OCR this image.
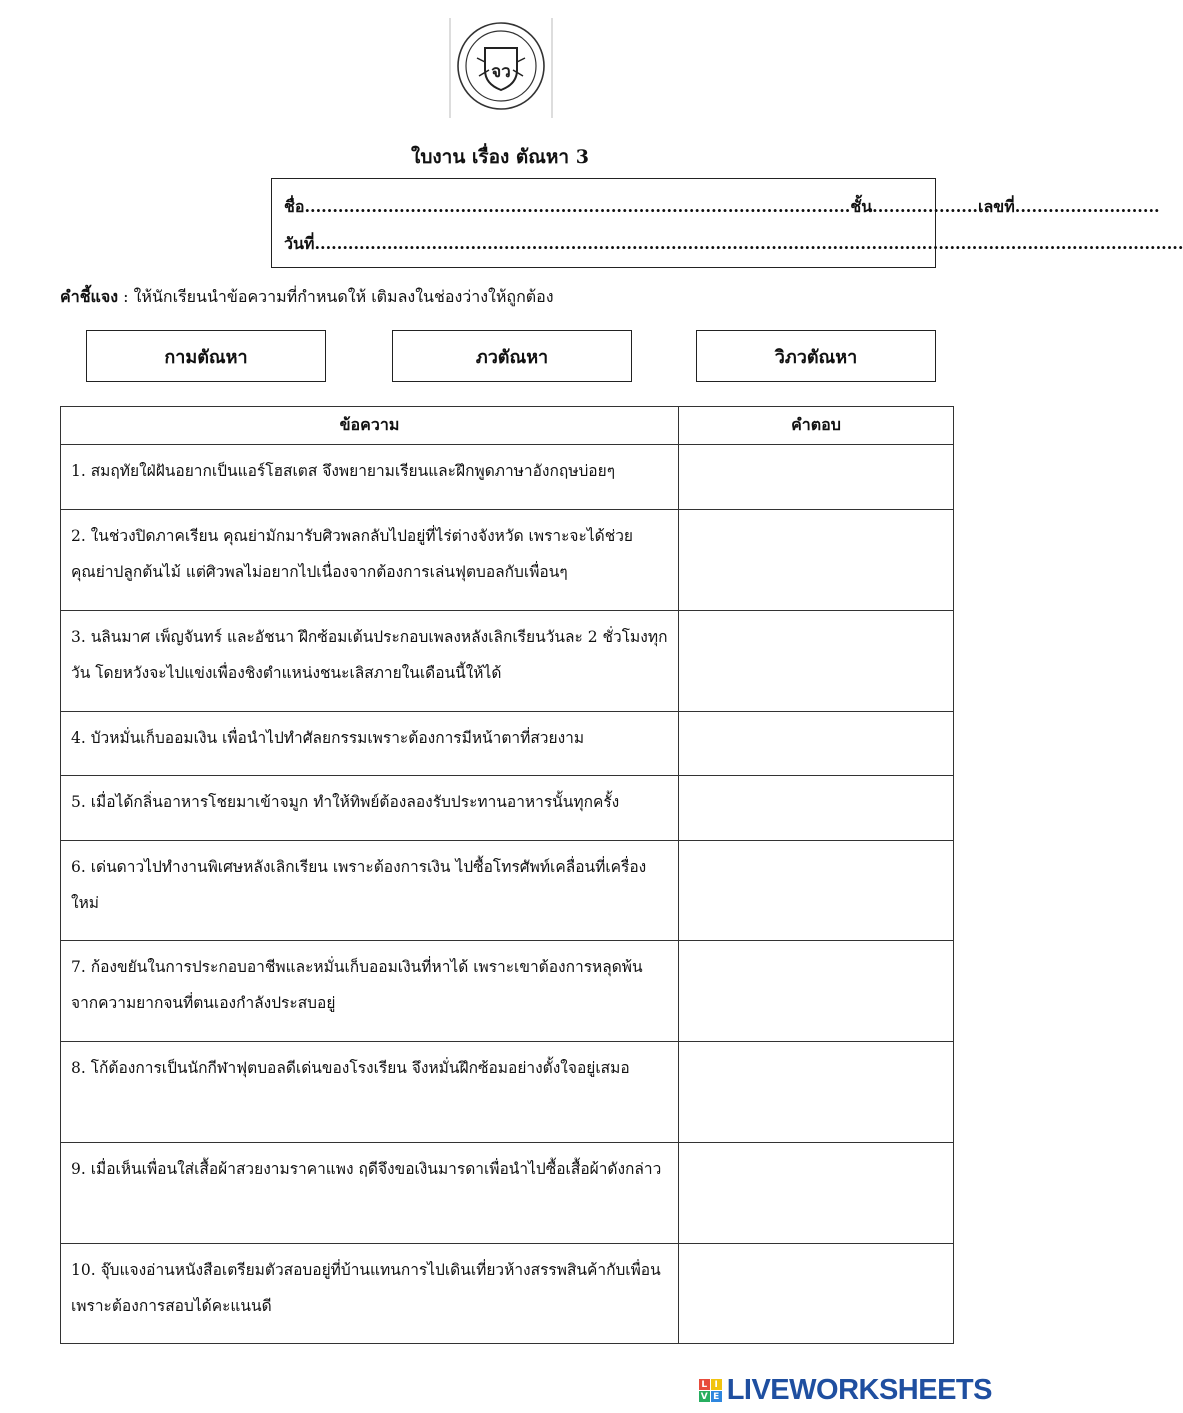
จว
ใบงาน เรื่อง ตัณหา 3
ชื่อ..................................................................................................ชั้น...................เลขที่..........................
วันที่............................................................................................................................................................
คำชี้แจง : ให้นักเรียนนำข้อความที่กำหนดให้ เติมลงในช่องว่างให้ถูกต้อง
กามตัณหา	ภวตัณหา	วิภวตัณหา
ข้อความ	คำตอบ
1. สมฤทัยใฝ่ฝันอยากเป็นแอร์โฮสเตส จึงพยายามเรียนและฝึกพูดภาษาอังกฤษบ่อยๆ	
2. ในช่วงปิดภาคเรียน คุณย่ามักมารับศิวพลกลับไปอยู่ที่ไร่ต่างจังหวัด เพราะจะได้ช่วยคุณย่าปลูกต้นไม้ แต่ศิวพลไม่อยากไปเนื่องจากต้องการเล่นฟุตบอลกับเพื่อนๆ	
3. นลินมาศ เพ็ญจันทร์ และอัชนา ฝึกซ้อมเต้นประกอบเพลงหลังเลิกเรียนวันละ 2 ชั่วโมงทุกวัน โดยหวังจะไปแข่งเพื่องชิงตำแหน่งชนะเลิสภายในเดือนนี้ให้ได้	
4. บัวหมั่นเก็บออมเงิน เพื่อนำไปทำศัลยกรรมเพราะต้องการมีหน้าตาที่สวยงาม	
5. เมื่อได้กลิ่นอาหารโชยมาเข้าจมูก ทำให้ทิพย์ต้องลองรับประทานอาหารนั้นทุกครั้ง	
6. เด่นดาวไปทำงานพิเศษหลังเลิกเรียน เพราะต้องการเงิน ไปซื้อโทรศัพท์เคลื่อนที่เครื่องใหม่	
7. ก้องขยันในการประกอบอาชีพและหมั่นเก็บออมเงินที่หาได้ เพราะเขาต้องการหลุดพ้นจากความยากจนที่ตนเองกำลังประสบอยู่	
8. โก้ต้องการเป็นนักกีฬาฟุตบอลดีเด่นของโรงเรียน จึงหมั่นฝึกซ้อมอย่างตั้งใจอยู่เสมอ	
9. เมื่อเห็นเพื่อนใส่เสื้อผ้าสวยงามราคาแพง ฤดีจึงขอเงินมารดาเพื่อนำไปซื้อเสื้อผ้าดังกล่าว	
10. จุ๊บแจงอ่านหนังสือเตรียมตัวสอบอยู่ที่บ้านแทนการไปเดินเที่ยวห้างสรรพสินค้ากับเพื่อนเพราะต้องการสอบได้คะแนนดี	
L I
V E LIVEWORKSHEETS
